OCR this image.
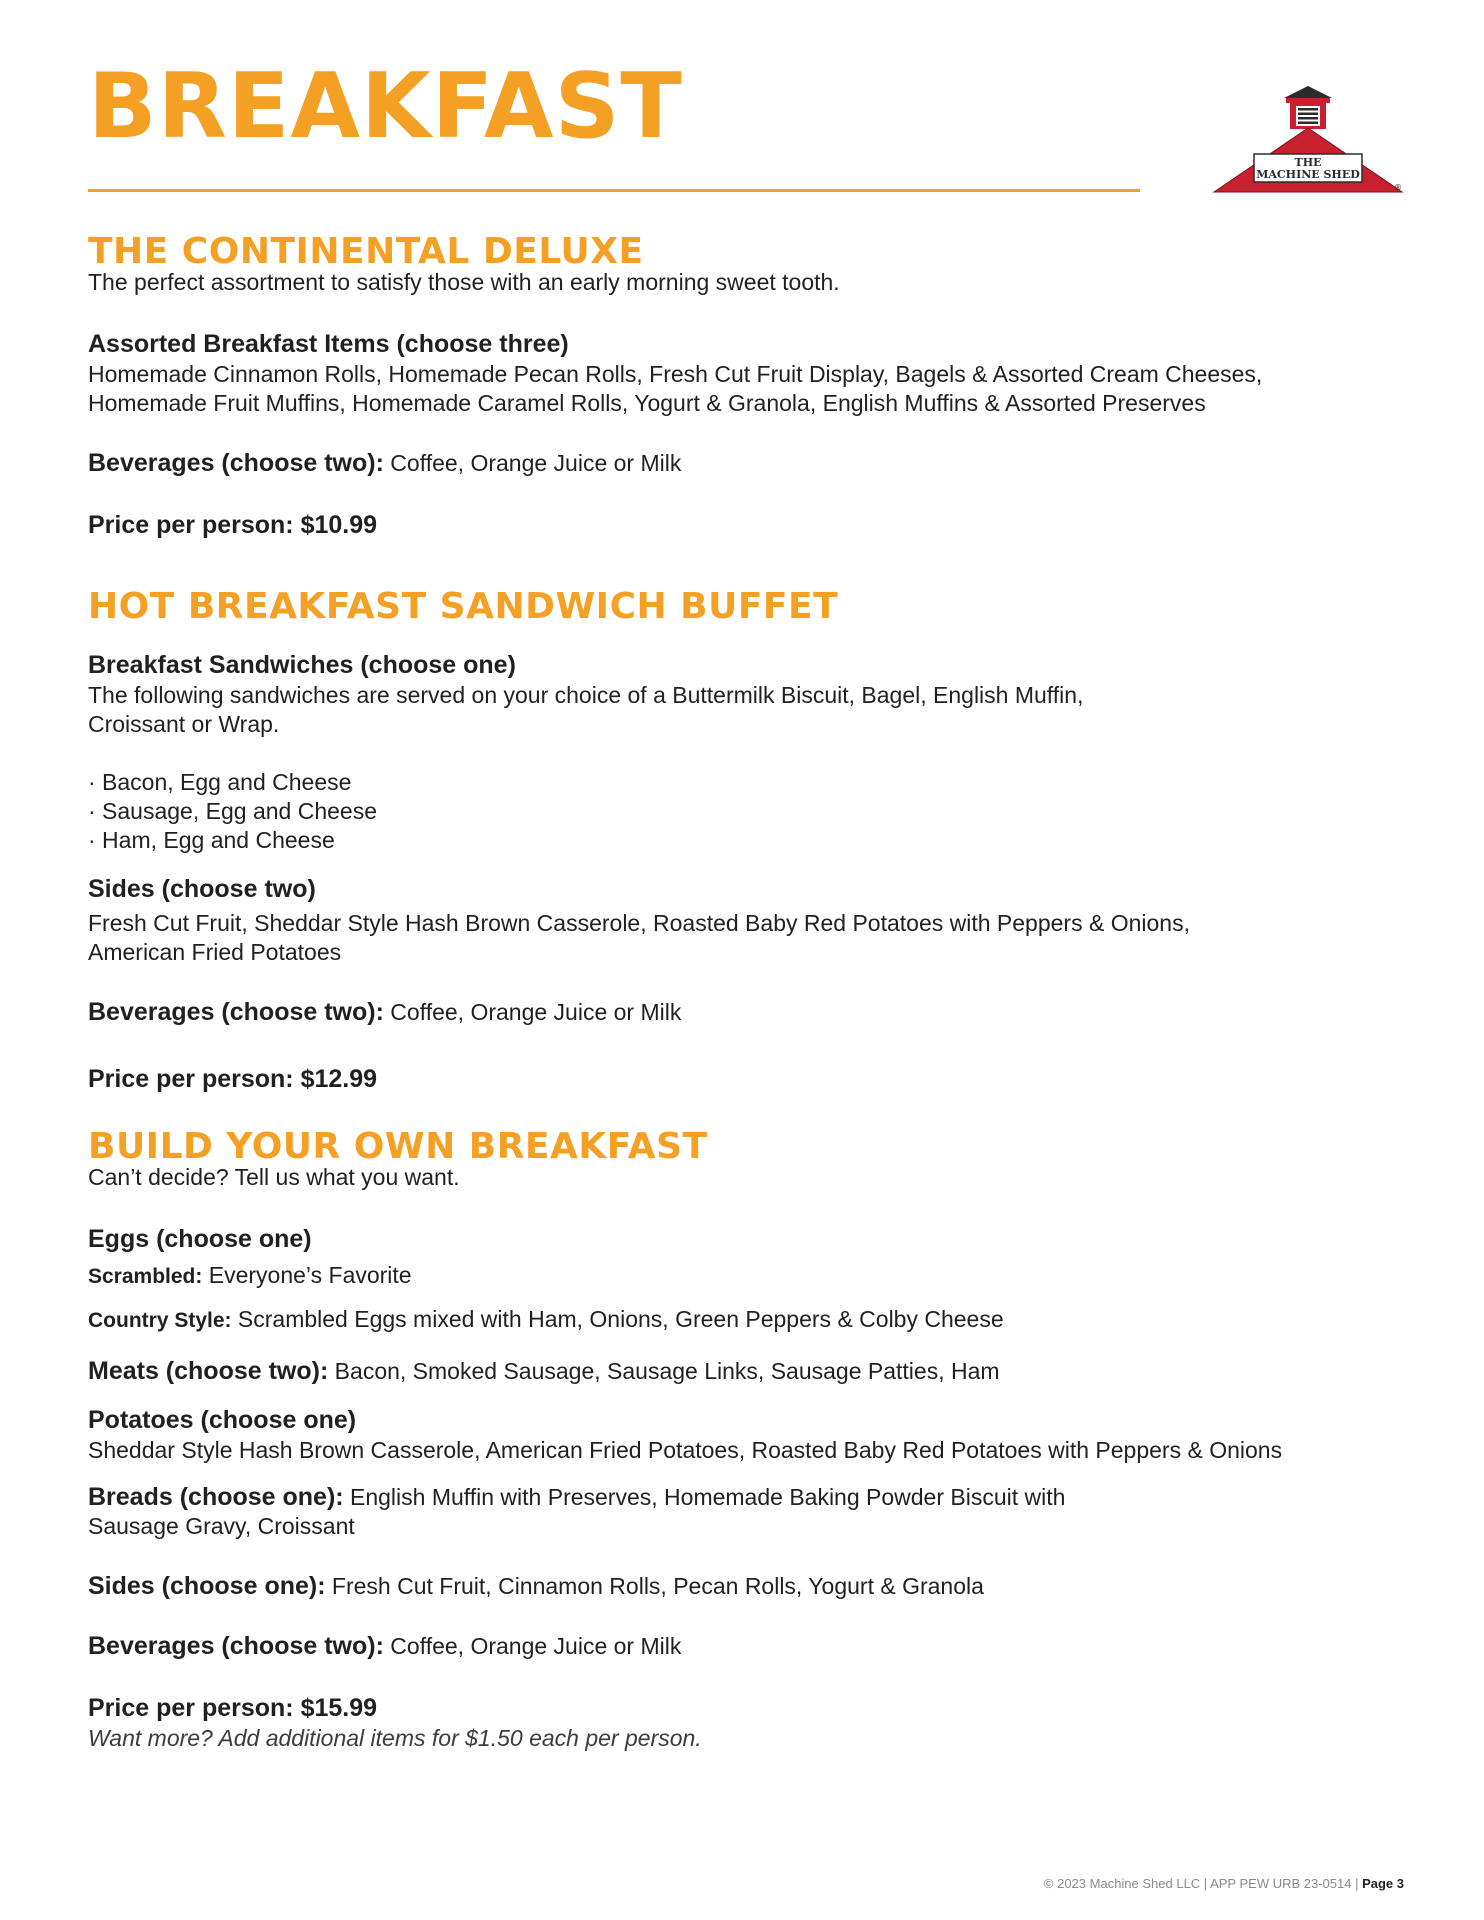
BREAKFAST
THE
MACHINE SHED
®
THE CONTINENTAL DELUXE

The perfect assortment to satisfy those with an early morning sweet tooth.

Assorted Breakfast Items (choose three)

Homemade Cinnamon Rolls, Homemade Pecan Rolls, Fresh Cut Fruit Display, Bagels & Assorted Cream Cheeses,

Homemade Fruit Muffins, Homemade Caramel Rolls, Yogurt & Granola, English Muffins & Assorted Preserves

Beverages (choose two): Coffee, Orange Juice or Milk

Price per person: $10.99

HOT BREAKFAST SANDWICH BUFFET

Breakfast Sandwiches (choose one)

The following sandwiches are served on your choice of a Buttermilk Biscuit, Bagel, English Muffin,

Croissant or Wrap.

· Bacon, Egg and Cheese

· Sausage, Egg and Cheese

· Ham, Egg and Cheese

Sides (choose two)

Fresh Cut Fruit, Sheddar Style Hash Brown Casserole, Roasted Baby Red Potatoes with Peppers & Onions,

American Fried Potatoes

Beverages (choose two): Coffee, Orange Juice or Milk

Price per person: $12.99

BUILD YOUR OWN BREAKFAST

Can’t decide? Tell us what you want.

Eggs (choose one)

Scrambled: Everyone’s Favorite

Country Style: Scrambled Eggs mixed with Ham, Onions, Green Peppers & Colby Cheese

Meats (choose two): Bacon, Smoked Sausage, Sausage Links, Sausage Patties, Ham

Potatoes (choose one)

Sheddar Style Hash Brown Casserole, American Fried Potatoes, Roasted Baby Red Potatoes with Peppers & Onions

Breads (choose one): English Muffin with Preserves, Homemade Baking Powder Biscuit with

Sausage Gravy, Croissant

Sides (choose one): Fresh Cut Fruit, Cinnamon Rolls, Pecan Rolls, Yogurt & Granola

Beverages (choose two): Coffee, Orange Juice or Milk

Price per person: $15.99

Want more? Add additional items for $1.50 each per person.

© 2023 Machine Shed LLC | APP PEW URB 23-0514 | Page 3
